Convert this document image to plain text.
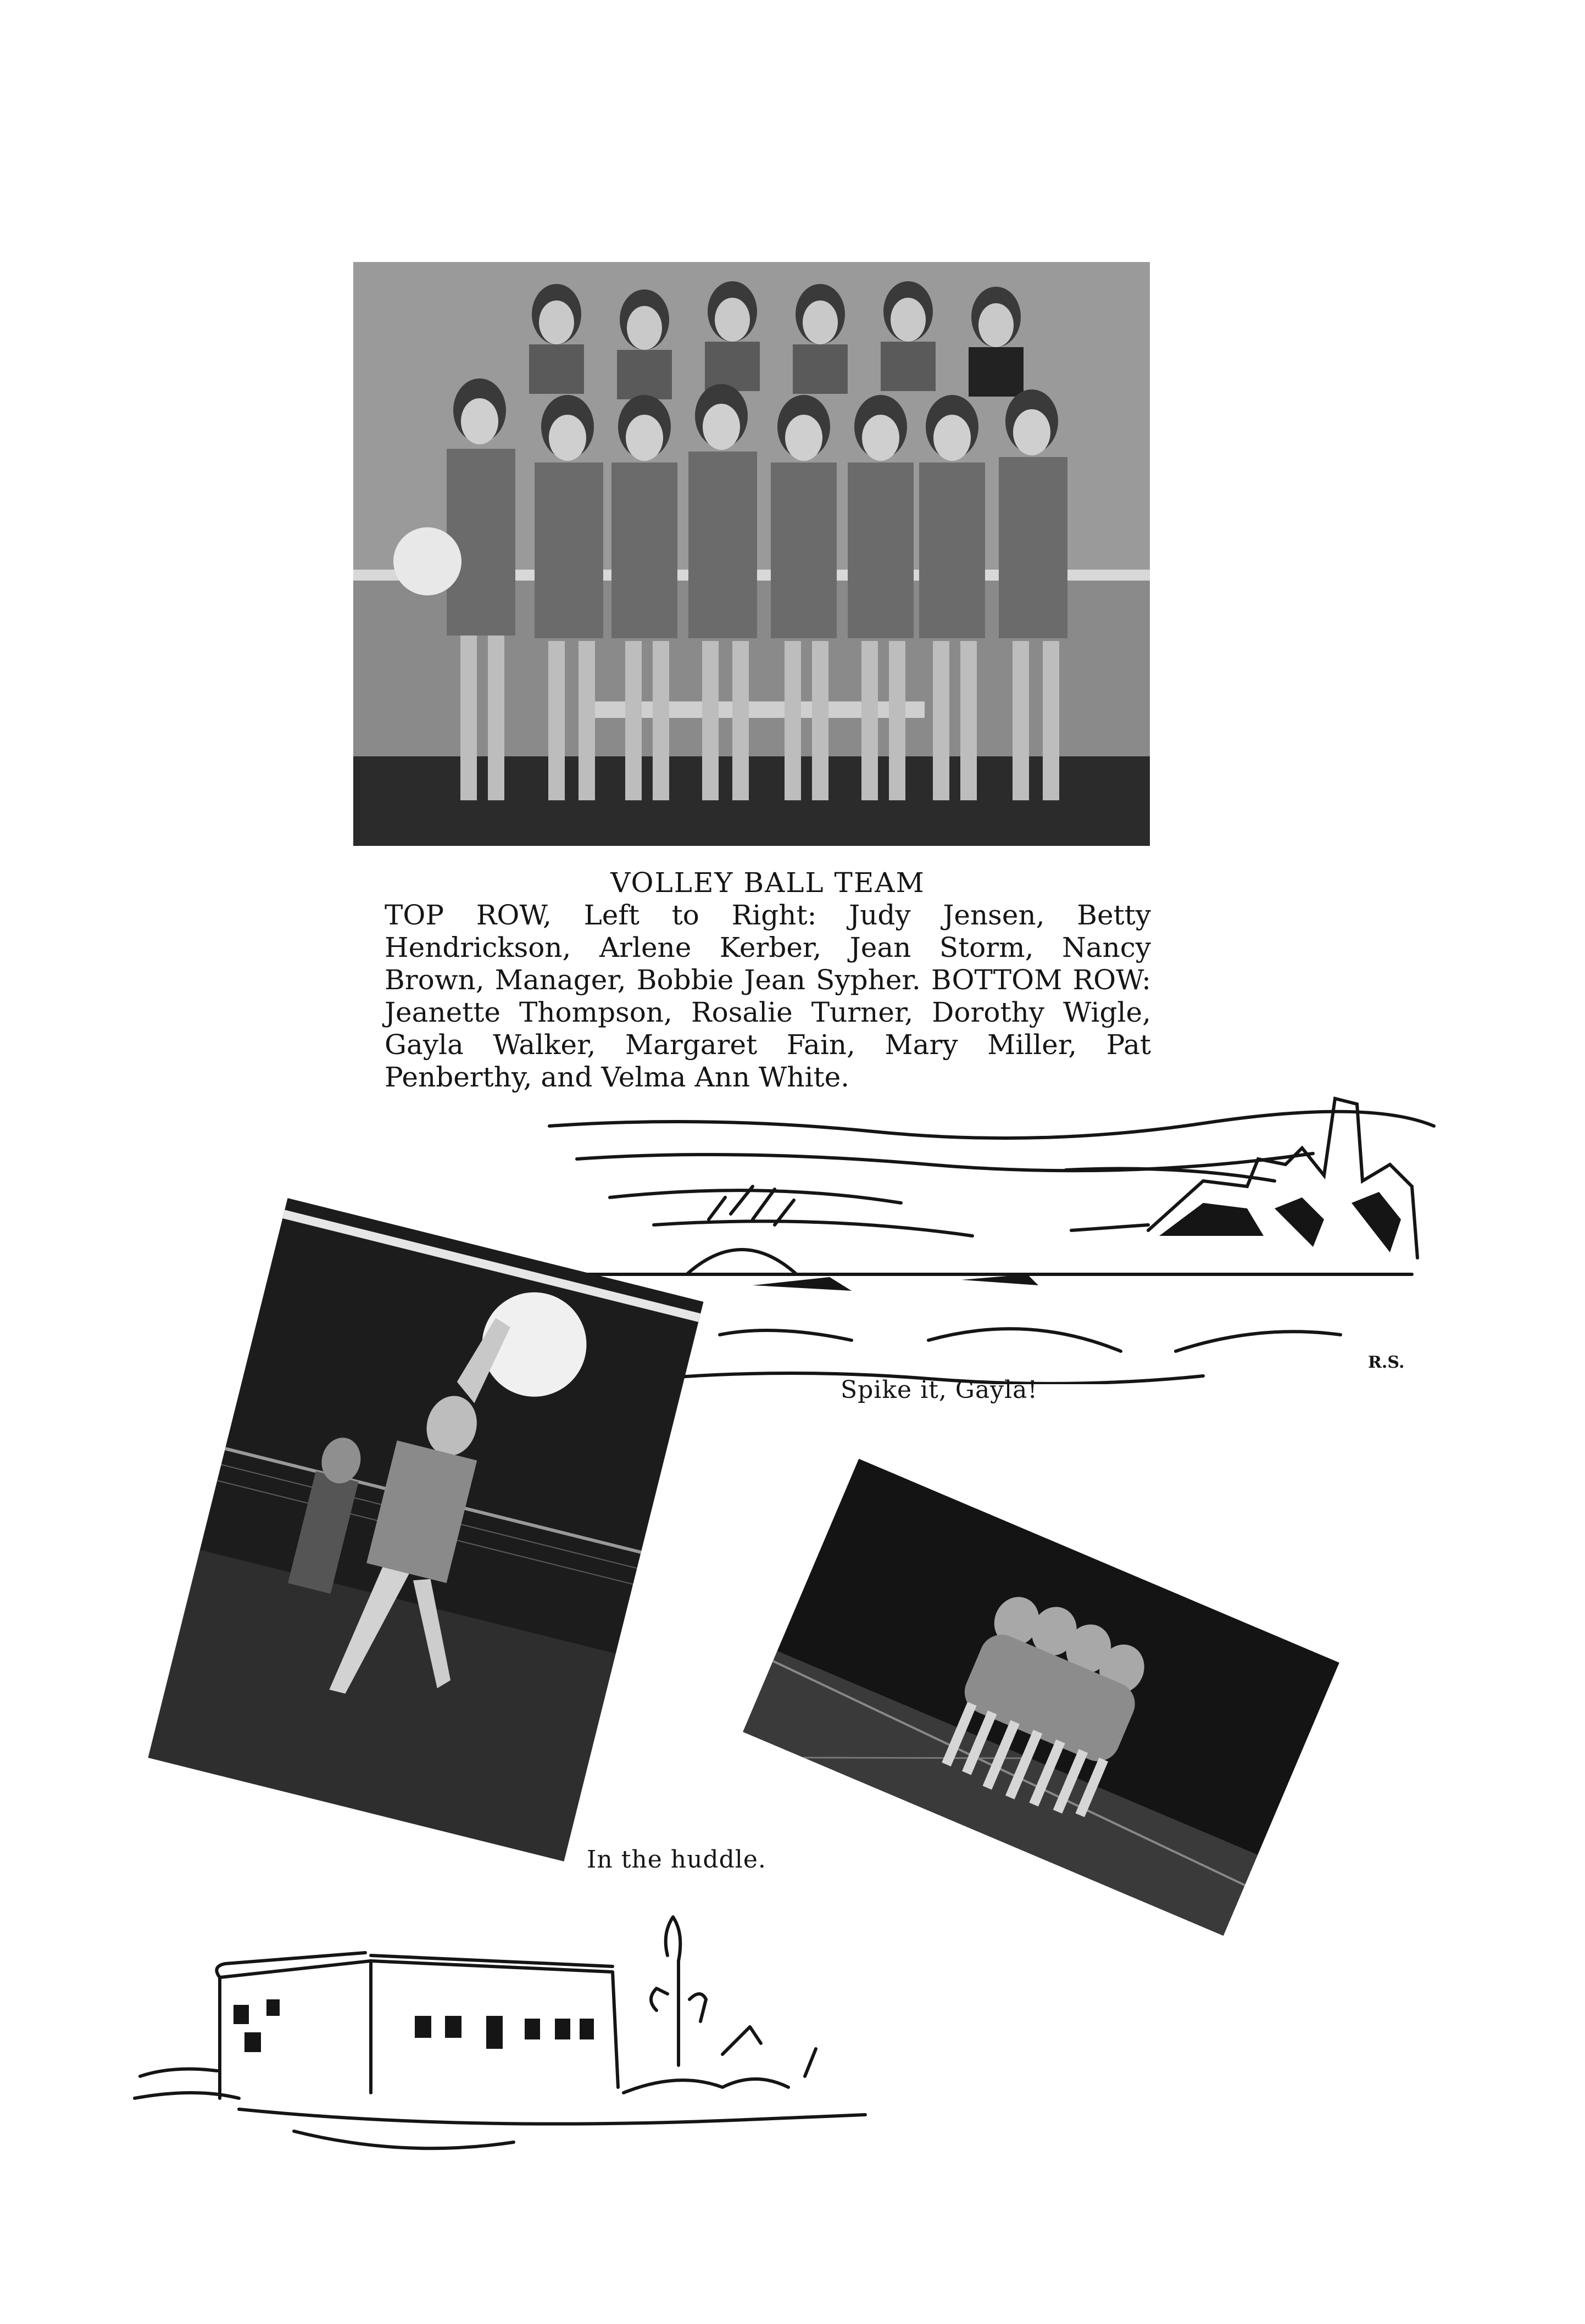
VOLLEY BALL TEAM
TOP ROW, Left to Right: Judy Jensen, Betty Hendrickson, Arlene Kerber, Jean Storm, Nancy Brown, Manager, Bobbie Jean Sypher. BOTTOM ROW: Jeanette Thompson, Rosalie Turner, Dorothy Wigle, Gayla Walker, Margaret Fain, Mary Miller, Pat Penberthy, and Velma Ann White.
R.S.
Spike it, Gayla!
In the huddle.
